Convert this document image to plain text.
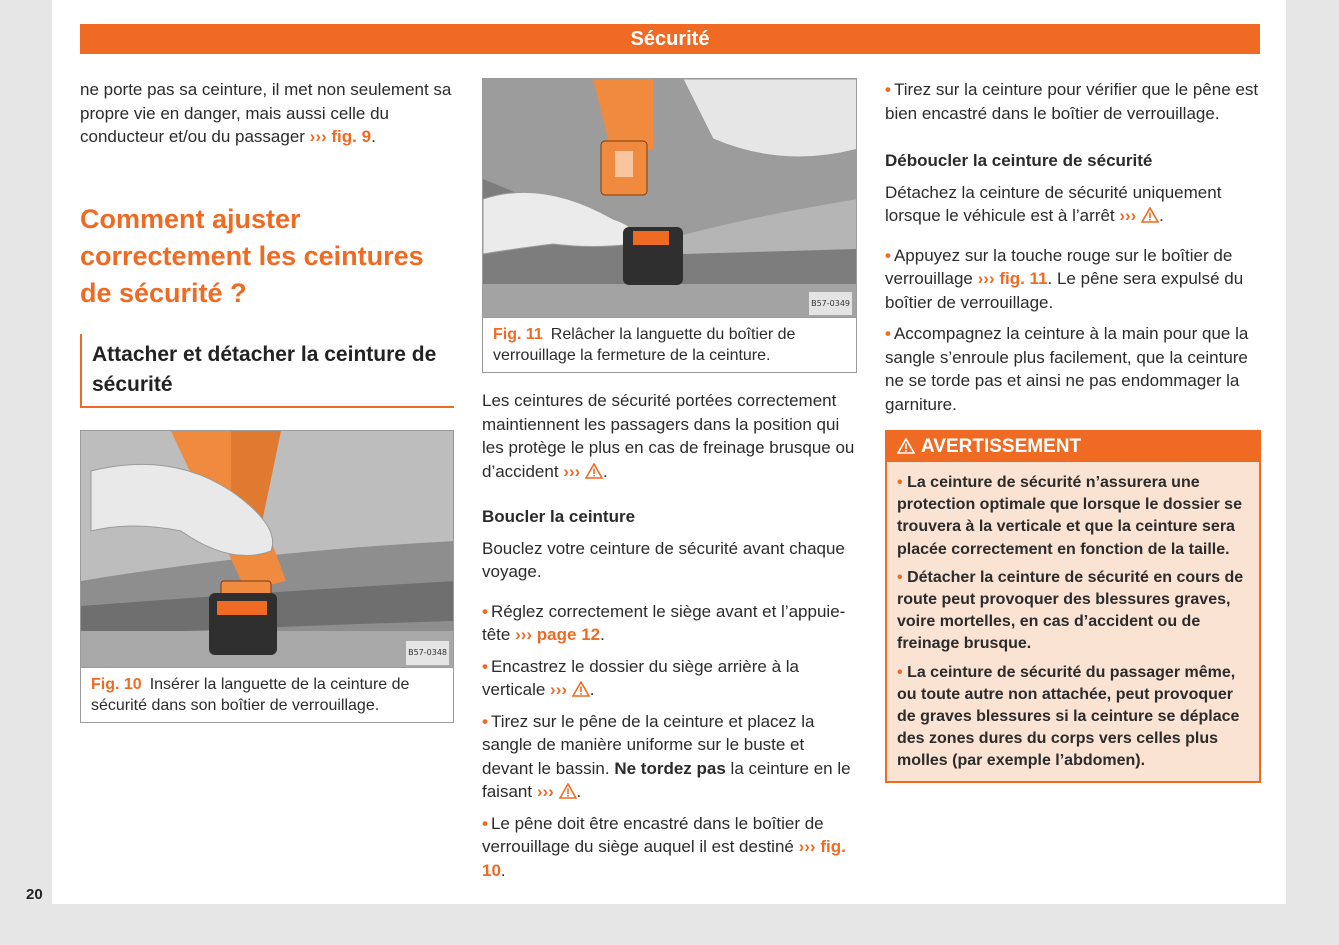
Sécurité

ne porte pas sa ceinture, il met non seulement sa propre vie en danger, mais aussi celle du conducteur et/ou du passager ››› fig. 9.

Comment ajuster correctement les ceintures de sécurité ?
Attacher et détacher la ceinture de sécurité
B57-0348
Fig. 10 Insérer la languette de la ceinture de sécurité dans son boîtier de verrouillage.
B57-0349
Fig. 11 Relâcher la languette du boîtier de verrouillage la fermeture de la ceinture.

Les ceintures de sécurité portées correctement maintiennent les passagers dans la position qui les protège le plus en cas de freinage brusque ou d’accident ››› .

Boucler la ceinture

Bouclez votre ceinture de sécurité avant chaque voyage.

• Réglez correctement le siège avant et l’appuie-tête ››› page 12.

• Encastrez le dossier du siège arrière à la verticale ››› .

• Tirez sur le pêne de la ceinture et placez la sangle de manière uniforme sur le buste et devant le bassin. Ne tordez pas la ceinture en le faisant ››› .

• Le pêne doit être encastré dans le boîtier de verrouillage du siège auquel il est destiné ››› fig. 10.

• Tirez sur la ceinture pour vérifier que le pêne est bien encastré dans le boîtier de verrouillage.

Déboucler la ceinture de sécurité

Détachez la ceinture de sécurité uniquement lorsque le véhicule est à l’arrêt ››› .

• Appuyez sur la touche rouge sur le boîtier de verrouillage ››› fig. 11. Le pêne sera expulsé du boîtier de verrouillage.

• Accompagnez la ceinture à la main pour que la sangle s’enroule plus facilement, que la ceinture ne se torde pas et ainsi ne pas endommager la garniture.

AVERTISSEMENT
• La ceinture de sécurité n’assurera une protection optimale que lorsque le dossier se trouvera à la verticale et que la ceinture sera placée correctement en fonction de la taille.
• Détacher la ceinture de sécurité en cours de route peut provoquer des blessures graves, voire mortelles, en cas d’accident ou de freinage brusque.
• La ceinture de sécurité du passager même, ou toute autre non attachée, peut provoquer de graves blessures si la ceinture se déplace des zones dures du corps vers celles plus molles (par exemple l’abdomen).
20
